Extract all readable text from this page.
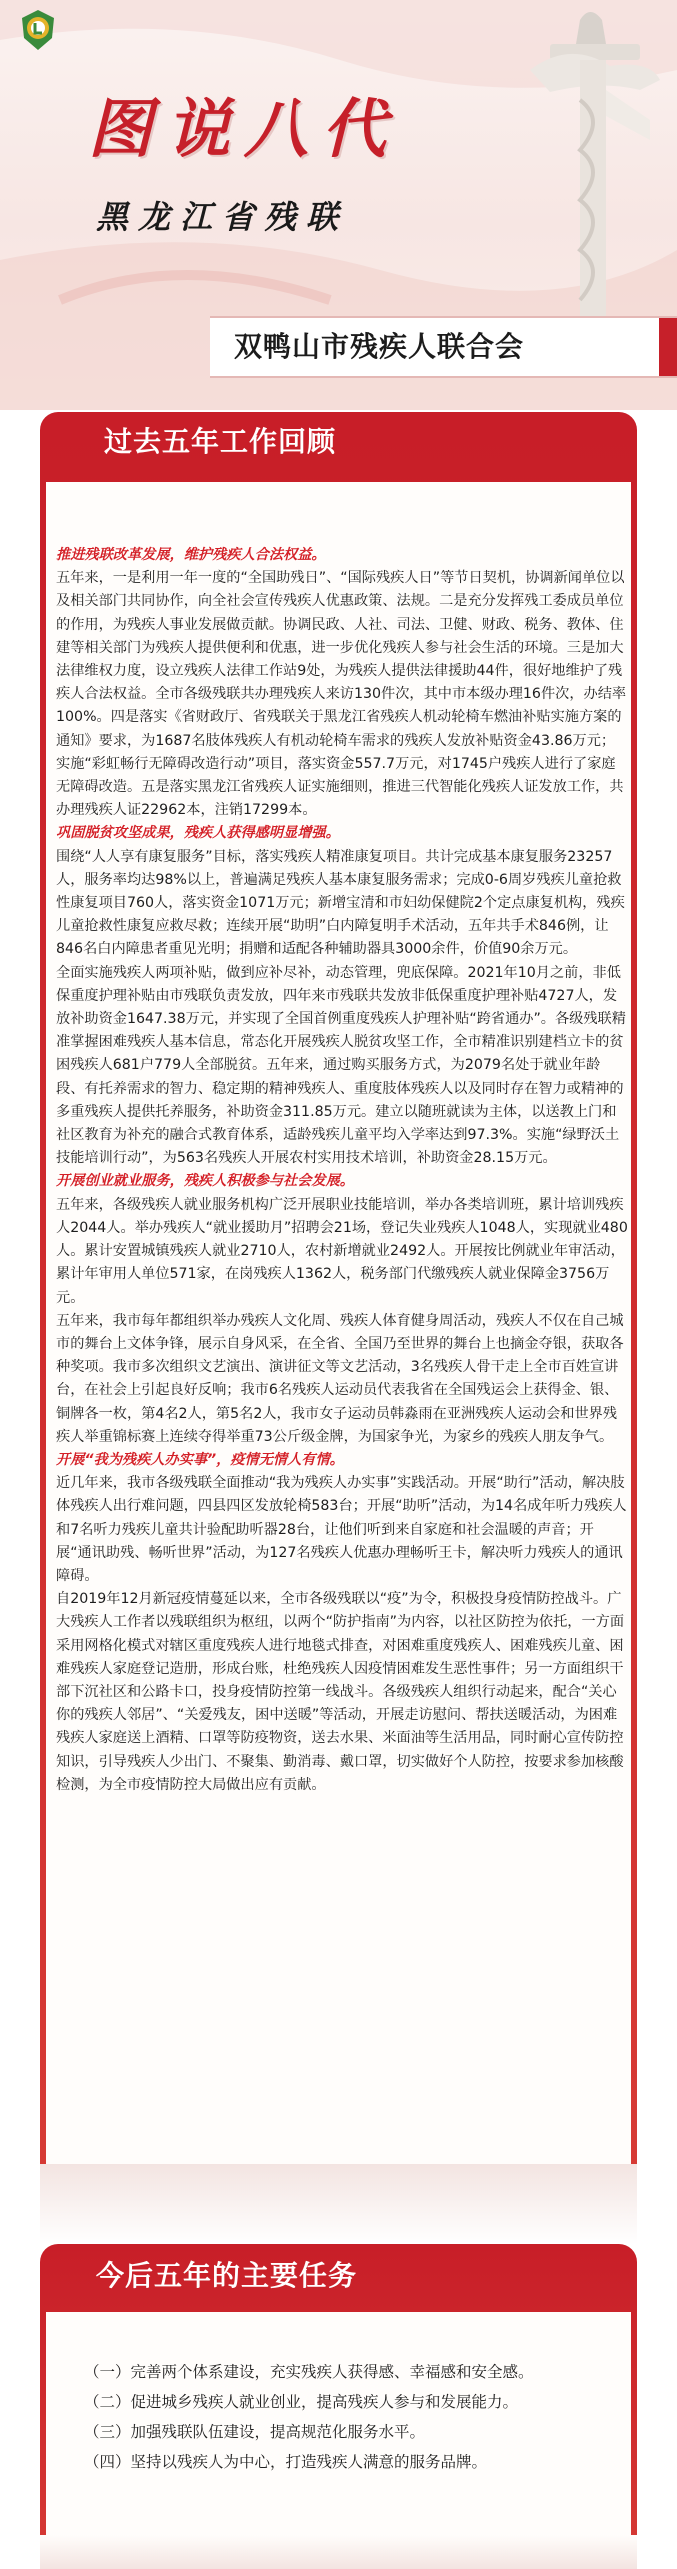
图说八代
黑龙江省残联
双鸭山市残疾人联合会
过去五年工作回顾

推进残联改革发展，维护残疾人合法权益。

五年来，一是利用一年一度的“全国助残日”、“国际残疾人日”等节日契机，协调新闻单位以及相关部门共同协作，向全社会宣传残疾人优惠政策、法规。二是充分发挥残工委成员单位的作用，为残疾人事业发展做贡献。协调民政、人社、司法、卫健、财政、税务、教体、住建等相关部门为残疾人提供便利和优惠，进一步优化残疾人参与社会生活的环境。三是加大法律维权力度，设立残疾人法律工作站9处，为残疾人提供法律援助44件，很好地维护了残疾人合法权益。全市各级残联共办理残疾人来访130件次，其中市本级办理16件次，办结率100%。四是落实《省财政厅、省残联关于黑龙江省残疾人机动轮椅车燃油补贴实施方案的通知》要求，为1687名肢体残疾人有机动轮椅车需求的残疾人发放补贴资金43.86万元；实施“彩虹畅行无障碍改造行动”项目，落实资金557.7万元，对1745户残疾人进行了家庭无障碍改造。五是落实黑龙江省残疾人证实施细则，推进三代智能化残疾人证发放工作，共办理残疾人证22962本，注销17299本。

巩固脱贫攻坚成果，残疾人获得感明显增强。

围绕“人人享有康复服务”目标，落实残疾人精准康复项目。共计完成基本康复服务23257人，服务率均达98%以上，普遍满足残疾人基本康复服务需求；完成0-6周岁残疾儿童抢救性康复项目760人，落实资金1071万元；新增宝清和市妇幼保健院2个定点康复机构，残疾儿童抢救性康复应救尽救；连续开展“助明”白内障复明手术活动，五年共手术846例，让846名白内障患者重见光明；捐赠和适配各种辅助器具3000余件，价值90余万元。

全面实施残疾人两项补贴，做到应补尽补，动态管理，兜底保障。2021年10月之前，非低保重度护理补贴由市残联负责发放，四年来市残联共发放非低保重度护理补贴4727人，发放补助资金1647.38万元，并实现了全国首例重度残疾人护理补贴“跨省通办”。各级残联精准掌握困难残疾人基本信息，常态化开展残疾人脱贫攻坚工作，全市精准识别建档立卡的贫困残疾人681户779人全部脱贫。五年来，通过购买服务方式，为2079名处于就业年龄段、有托养需求的智力、稳定期的精神残疾人、重度肢体残疾人以及同时存在智力或精神的多重残疾人提供托养服务，补助资金311.85万元。建立以随班就读为主体，以送教上门和社区教育为补充的融合式教育体系，适龄残疾儿童平均入学率达到97.3%。实施“绿野沃土技能培训行动”，为563名残疾人开展农村实用技术培训，补助资金28.15万元。

开展创业就业服务，残疾人积极参与社会发展。

五年来，各级残疾人就业服务机构广泛开展职业技能培训，举办各类培训班，累计培训残疾人2044人。举办残疾人“就业援助月”招聘会21场，登记失业残疾人1048人，实现就业480人。累计安置城镇残疾人就业2710人，农村新增就业2492人。开展按比例就业年审活动，累计年审用人单位571家，在岗残疾人1362人，税务部门代缴残疾人就业保障金3756万元。

五年来，我市每年都组织举办残疾人文化周、残疾人体育健身周活动，残疾人不仅在自己城市的舞台上文体争锋，展示自身风采，在全省、全国乃至世界的舞台上也摘金夺银，获取各种奖项。我市多次组织文艺演出、演讲征文等文艺活动，3名残疾人骨干走上全市百姓宣讲台，在社会上引起良好反响；我市6名残疾人运动员代表我省在全国残运会上获得金、银、铜牌各一枚，第4名2人，第5名2人，我市女子运动员韩淼雨在亚洲残疾人运动会和世界残疾人举重锦标赛上连续夺得举重73公斤级金牌，为国家争光，为家乡的残疾人朋友争气。

开展“我为残疾人办实事”，疫情无情人有情。

近几年来，我市各级残联全面推动“我为残疾人办实事”实践活动。开展“助行”活动，解决肢体残疾人出行难问题，四县四区发放轮椅583台；开展“助听”活动，为14名成年听力残疾人和7名听力残疾儿童共计验配助听器28台，让他们听到来自家庭和社会温暖的声音；开展“通讯助残、畅听世界”活动，为127名残疾人优惠办理畅听王卡，解决听力残疾人的通讯障碍。

自2019年12月新冠疫情蔓延以来，全市各级残联以“疫”为令，积极投身疫情防控战斗。广大残疾人工作者以残联组织为枢纽，以两个“防护指南”为内容，以社区防控为依托，一方面采用网格化模式对辖区重度残疾人进行地毯式排查，对困难重度残疾人、困难残疾儿童、困难残疾人家庭登记造册，形成台账，杜绝残疾人因疫情困难发生恶性事件；另一方面组织干部下沉社区和公路卡口，投身疫情防控第一线战斗。各级残疾人组织行动起来，配合“关心你的残疾人邻居”、“关爱残友，困中送暖”等活动，开展走访慰问、帮扶送暖活动，为困难残疾人家庭送上酒精、口罩等防疫物资，送去水果、米面油等生活用品，同时耐心宣传防控知识，引导残疾人少出门、不聚集、勤消毒、戴口罩，切实做好个人防控，按要求参加核酸检测，为全市疫情防控大局做出应有贡献。

今后五年的主要任务
（一）完善两个体系建设，充实残疾人获得感、幸福感和安全感。
（二）促进城乡残疾人就业创业，提高残疾人参与和发展能力。
（三）加强残联队伍建设，提高规范化服务水平。
（四）坚持以残疾人为中心，打造残疾人满意的服务品牌。
